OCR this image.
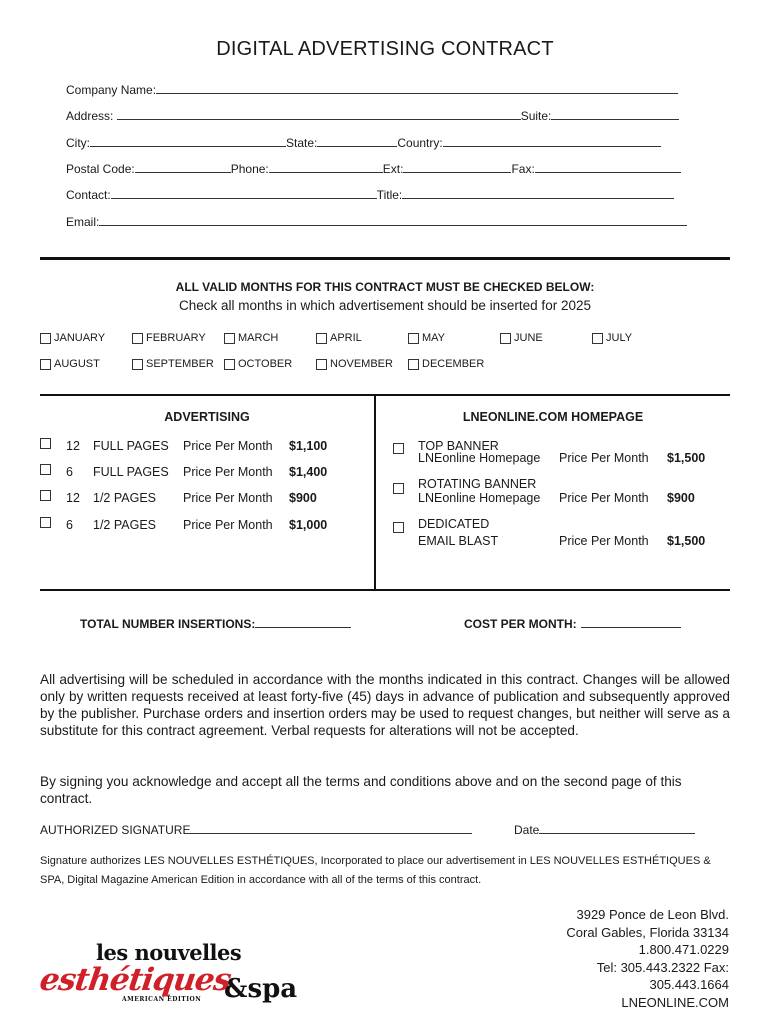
DIGITAL ADVERTISING CONTRACT
Company Name:
Address:	Suite:
City:	State:	Country:
Postal Code:	Phone:	Ext:	Fax:
Contact:	Title:
Email:
ALL VALID MONTHS FOR THIS CONTRACT MUST BE CHECKED BELOW:
Check all months in which advertisement should be inserted for 2025
JANUARY	FEBRUARY	MARCH	APRIL	MAY	JUNE	JULY
AUGUST	SEPTEMBER OCTOBER	NOVEMBER	DECEMBER
ADVERTISING
12 FULL PAGES Price Per Month $1,100
6 FULL PAGES Price Per Month $1,400
12 1/2 PAGES Price Per Month $900
6 1/2 PAGES Price Per Month $1,000
LNEONLINE.COM HOMEPAGE
TOP BANNER
LNEonline Homepage Price Per Month $1,500
ROTATING BANNER
LNEonline Homepage Price Per Month $900
DEDICATED
EMAIL BLAST	Price Per Month $1,500
TOTAL NUMBER INSERTIONS:	COST PER MONTH:
All advertising will be scheduled in accordance with the months indicated in this contract. Changes will be allowed only by written requests received at least forty-five (45) days in advance of publication and subsequently approved by the publisher. Purchase orders and insertion orders may be used to request changes, but neither will serve as a substitute for this contract agreement. Verbal requests for alterations will not be accepted.
By signing you acknowledge and accept all the terms and conditions above and on the second page of this contract.
AUTHORIZED SIGNATURE	Date
Signature authorizes LES NOUVELLES ESTHÉTIQUES, Incorporated to place our advertisement in LES NOUVELLES ESTHÉTIQUES & SPA, Digital Magazine American Edition in accordance with all of the terms of this contract.
les nouvelles
esthétiques
&spa
AMERICAN EDITION
3929 Ponce de Leon Blvd.
Coral Gables, Florida 33134
1.800.471.0229
Tel: 305.443.2322 Fax:
305.443.1664
LNEONLINE.COM
